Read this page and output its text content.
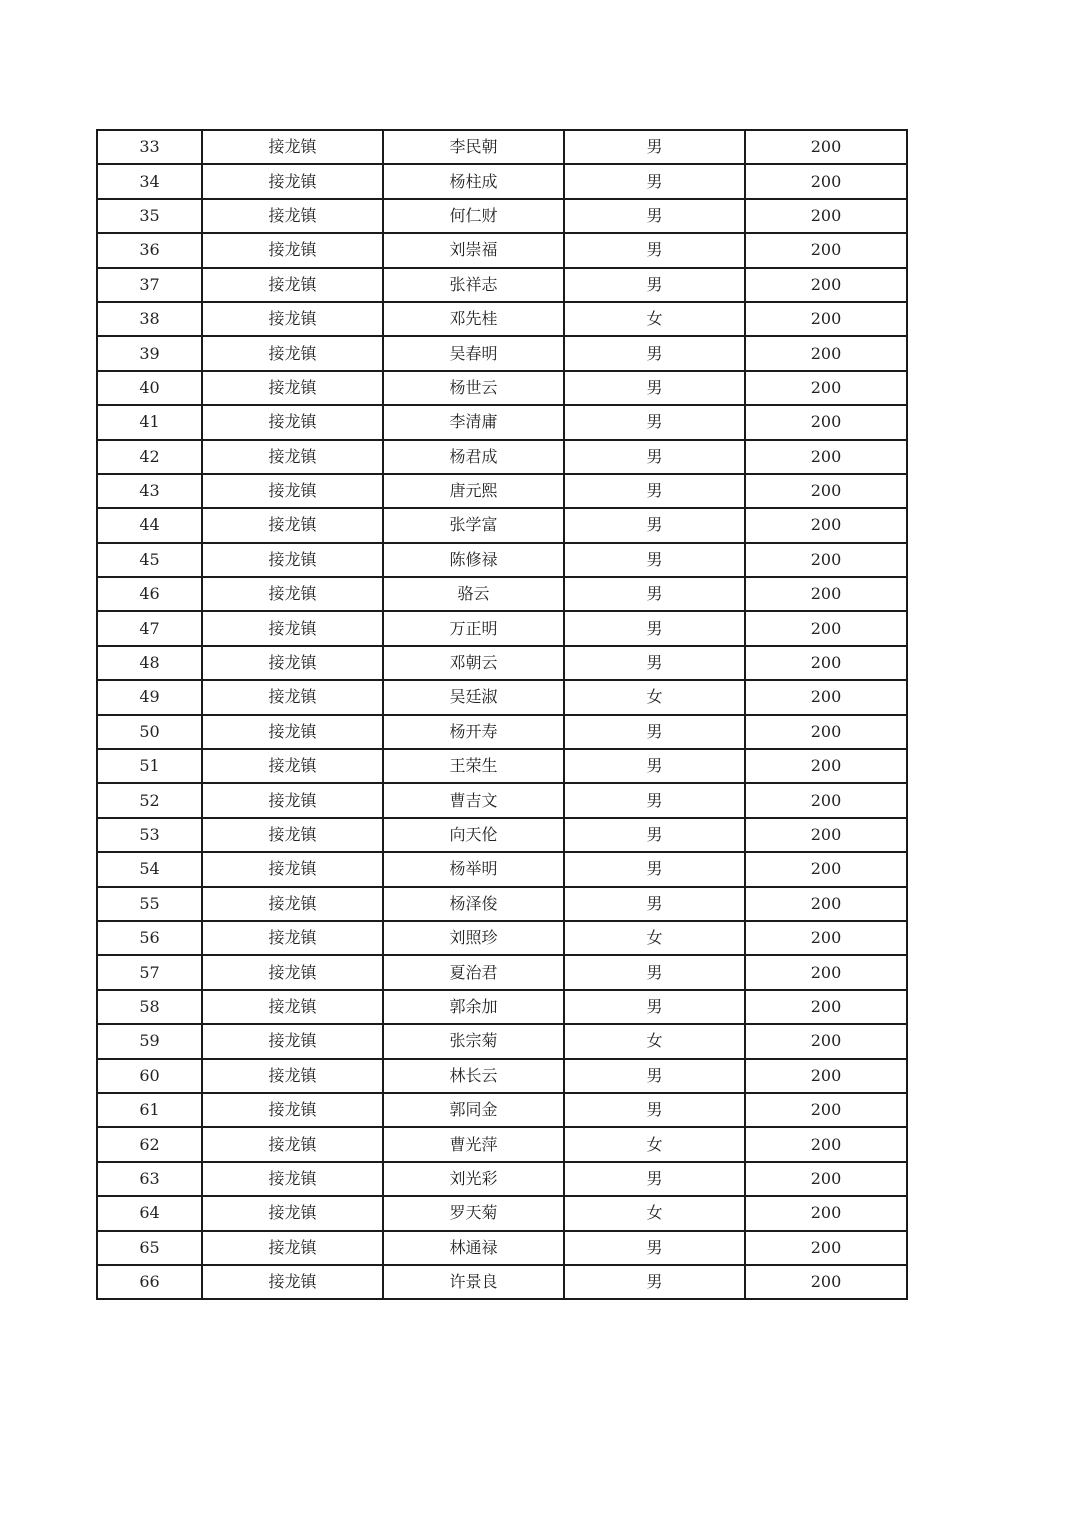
33	接龙镇	李民朝	男	200
34	接龙镇	杨柱成	男	200
35	接龙镇	何仁财	男	200
36	接龙镇	刘崇福	男	200
37	接龙镇	张祥志	男	200
38	接龙镇	邓先桂	女	200
39	接龙镇	吴春明	男	200
40	接龙镇	杨世云	男	200
41	接龙镇	李清庸	男	200
42	接龙镇	杨君成	男	200
43	接龙镇	唐元熙	男	200
44	接龙镇	张学富	男	200
45	接龙镇	陈修禄	男	200
46	接龙镇	骆云	男	200
47	接龙镇	万正明	男	200
48	接龙镇	邓朝云	男	200
49	接龙镇	吴廷淑	女	200
50	接龙镇	杨开寿	男	200
51	接龙镇	王荣生	男	200
52	接龙镇	曹吉文	男	200
53	接龙镇	向天伦	男	200
54	接龙镇	杨举明	男	200
55	接龙镇	杨泽俊	男	200
56	接龙镇	刘照珍	女	200
57	接龙镇	夏治君	男	200
58	接龙镇	郭余加	男	200
59	接龙镇	张宗菊	女	200
60	接龙镇	林长云	男	200
61	接龙镇	郭同金	男	200
62	接龙镇	曹光萍	女	200
63	接龙镇	刘光彩	男	200
64	接龙镇	罗天菊	女	200
65	接龙镇	林通禄	男	200
66	接龙镇	许景良	男	200
